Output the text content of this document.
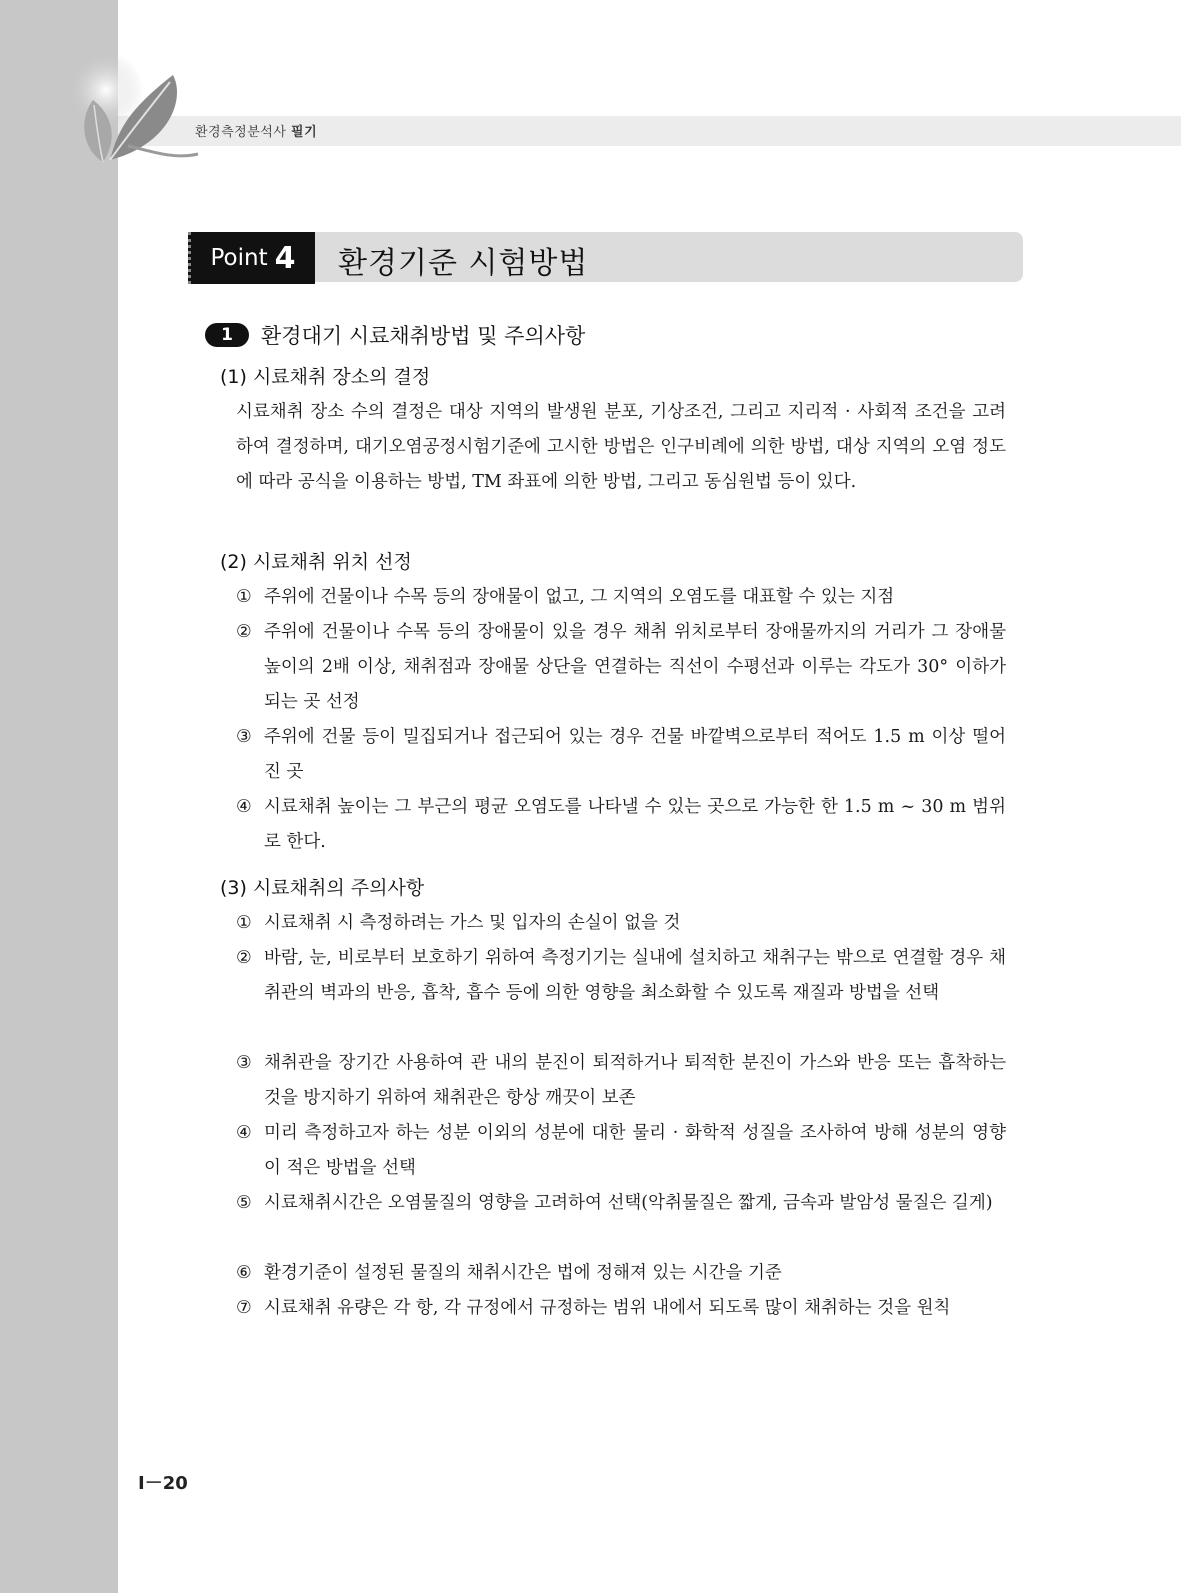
환경측정분석사 필기
Point 4 환경기준 시험방법
1	환경대기 시료채취방법 및 주의사항
(1) 시료채취 장소의 결정
시료채취 장소 수의 결정은 대상 지역의 발생원 분포, 기상조건, 그리고 지리적 · 사회적 조건을 고려하여 결정하며, 대기오염공정시험기준에 고시한 방법은 인구비례에 의한 방법, 대상 지역의 오염 정도에 따라 공식을 이용하는 방법, TM 좌표에 의한 방법, 그리고 동심원법 등이 있다.
(2) 시료채취 위치 선정
① 주위에 건물이나 수목 등의 장애물이 없고, 그 지역의 오염도를 대표할 수 있는 지점
② 주위에 건물이나 수목 등의 장애물이 있을 경우 채취 위치로부터 장애물까지의 거리가 그 장애물 높이의 2배 이상, 채취점과 장애물 상단을 연결하는 직선이 수평선과 이루는 각도가 30° 이하가 되는 곳 선정
③ 주위에 건물 등이 밀집되거나 접근되어 있는 경우 건물 바깥벽으로부터 적어도 1.5 m 이상 떨어진 곳
④ 시료채취 높이는 그 부근의 평균 오염도를 나타낼 수 있는 곳으로 가능한 한 1.5 m ~ 30 m 범위로 한다.
(3) 시료채취의 주의사항
① 시료채취 시 측정하려는 가스 및 입자의 손실이 없을 것
② 바람, 눈, 비로부터 보호하기 위하여 측정기기는 실내에 설치하고 채취구는 밖으로 연결할 경우 채취관의 벽과의 반응, 흡착, 흡수 등에 의한 영향을 최소화할 수 있도록 재질과 방법을 선택
③ 채취관을 장기간 사용하여 관 내의 분진이 퇴적하거나 퇴적한 분진이 가스와 반응 또는 흡착하는 것을 방지하기 위하여 채취관은 항상 깨끗이 보존
④ 미리 측정하고자 하는 성분 이외의 성분에 대한 물리 · 화학적 성질을 조사하여 방해 성분의 영향이 적은 방법을 선택
⑤ 시료채취시간은 오염물질의 영향을 고려하여 선택(악취물질은 짧게, 금속과 발암성 물질은 길게)
⑥ 환경기준이 설정된 물질의 채취시간은 법에 정해져 있는 시간을 기준
⑦ 시료채취 유량은 각 항, 각 규정에서 규정하는 범위 내에서 되도록 많이 채취하는 것을 원칙
I－20
